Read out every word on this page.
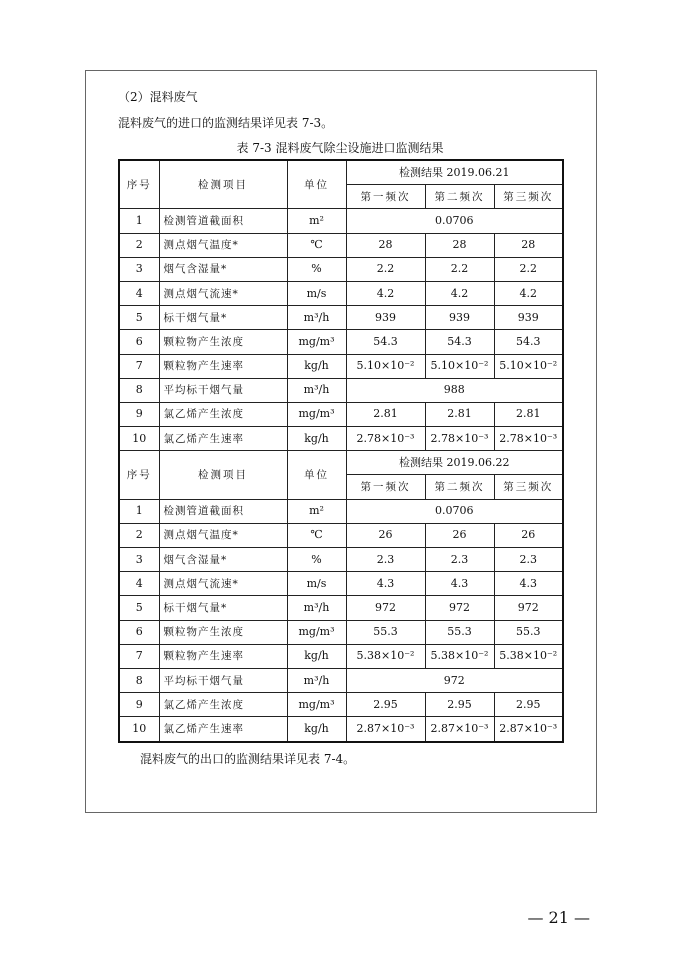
（2）混料废气
混料废气的进口的监测结果详见表 7-3。
表 7-3 混料废气除尘设施进口监测结果
序号	检测项目	单位	检测结果 2019.06.21		
			第一频次	第二频次	第三频次
1	检测管道截面积	m²	0.0706		
2	测点烟气温度*	℃	28	28	28
3	烟气含湿量*	%	2.2	2.2	2.2
4	测点烟气流速*	m/s	4.2	4.2	4.2
5	标干烟气量*	m³/h	939	939	939
6	颗粒物产生浓度	mg/m³	54.3	54.3	54.3
7	颗粒物产生速率	kg/h	5.10×10⁻²	5.10×10⁻²	5.10×10⁻²
8	平均标干烟气量	m³/h	988		
9	氯乙烯产生浓度	mg/m³	2.81	2.81	2.81
10	氯乙烯产生速率	kg/h	2.78×10⁻³	2.78×10⁻³	2.78×10⁻³
序号	检测项目	单位	检测结果 2019.06.22		
			第一频次	第二频次	第三频次
1	检测管道截面积	m²	0.0706		
2	测点烟气温度*	℃	26	26	26
3	烟气含湿量*	%	2.3	2.3	2.3
4	测点烟气流速*	m/s	4.3	4.3	4.3
5	标干烟气量*	m³/h	972	972	972
6	颗粒物产生浓度	mg/m³	55.3	55.3	55.3
7	颗粒物产生速率	kg/h	5.38×10⁻²	5.38×10⁻²	5.38×10⁻²
8	平均标干烟气量	m³/h	972		
9	氯乙烯产生浓度	mg/m³	2.95	2.95	2.95
10	氯乙烯产生速率	kg/h	2.87×10⁻³	2.87×10⁻³	2.87×10⁻³
混料废气的出口的监测结果详见表 7-4。
— 21 —
